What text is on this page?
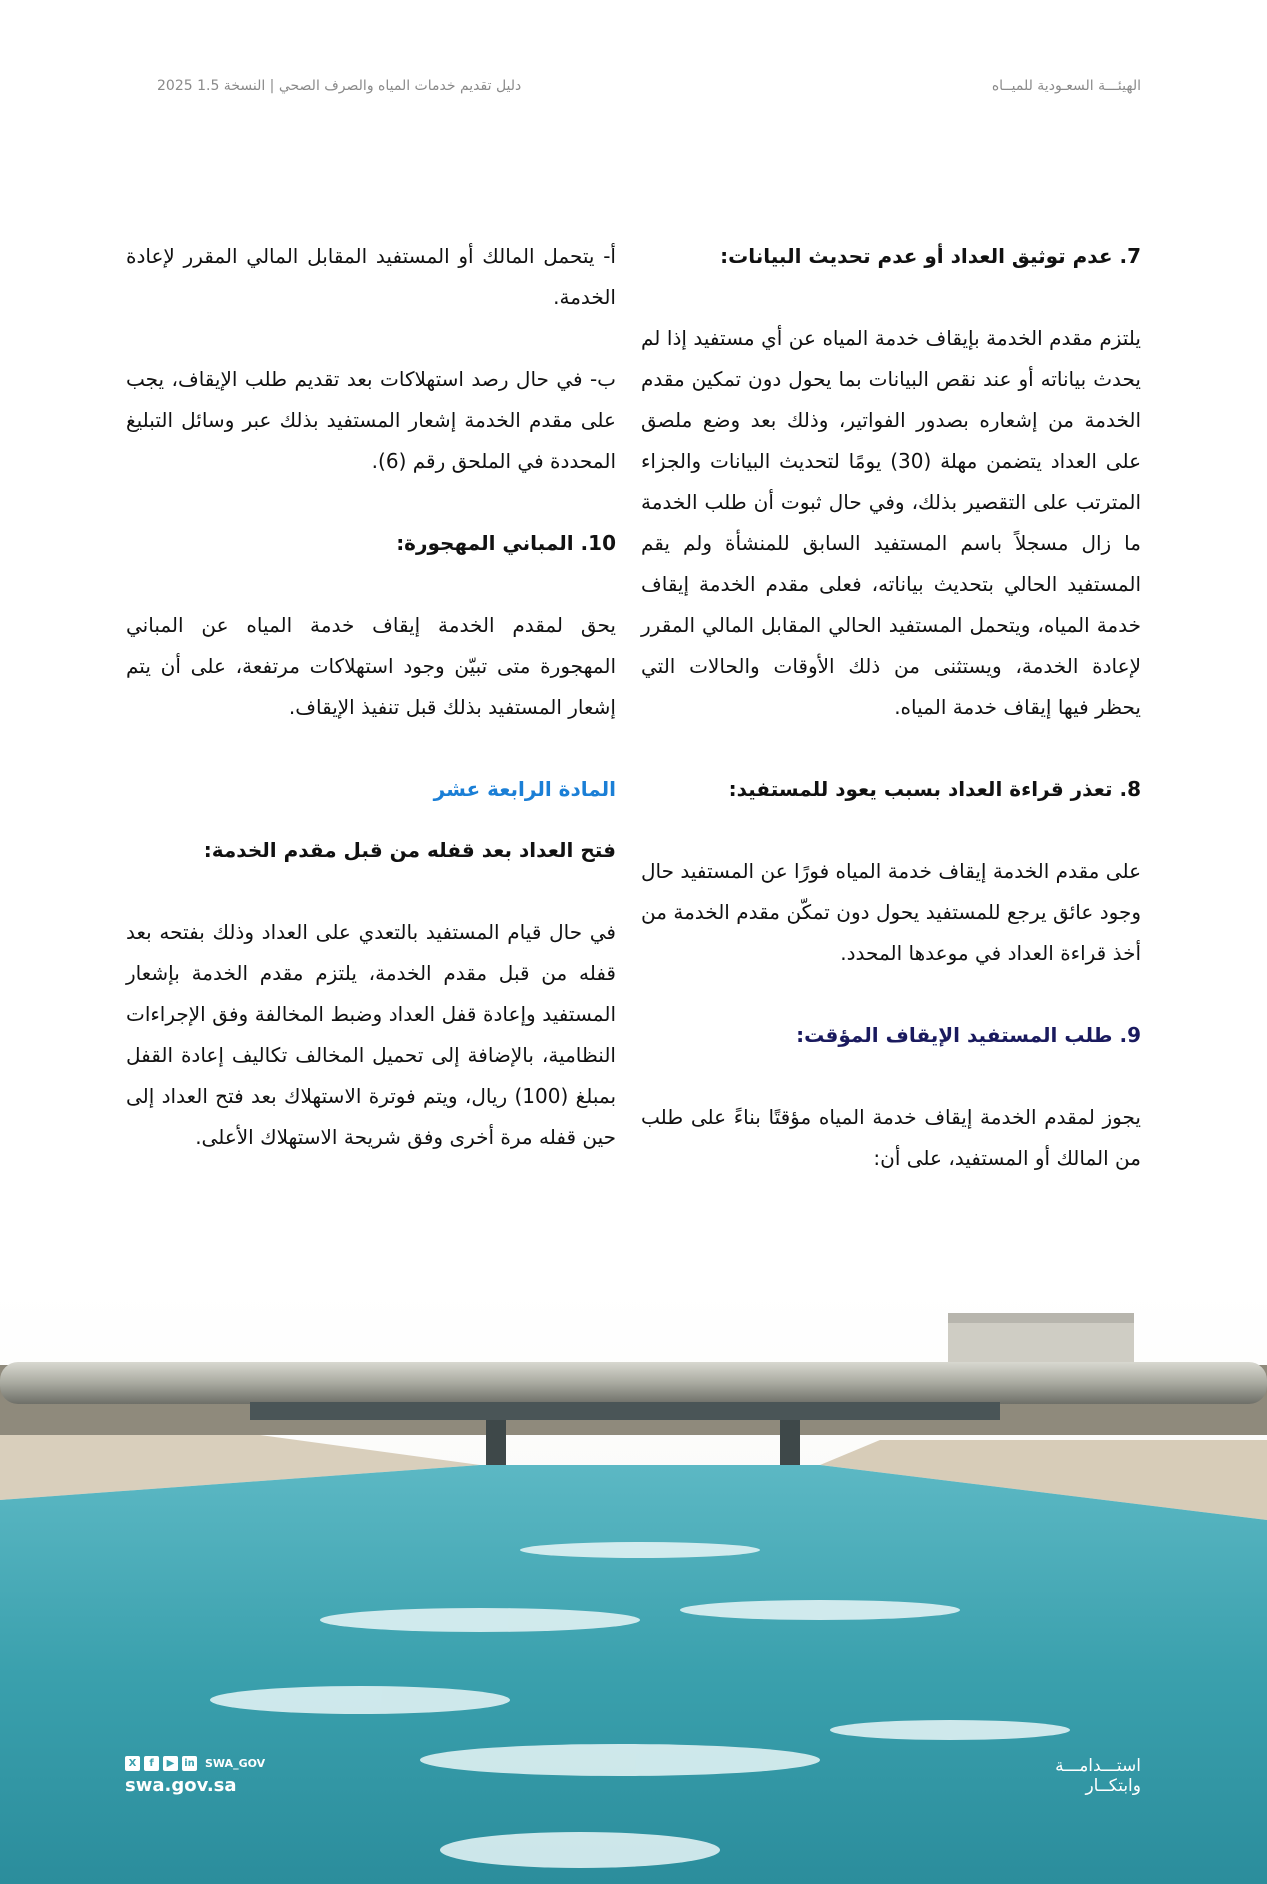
الهيئـــة السعـودية للميــاه
دليل تقديم خدمات المياه والصرف الصحي | النسخة 1.5 2025
7. عدم توثيق العداد أو عدم تحديث البيانات:

يلتزم مقدم الخدمة بإيقاف خدمة المياه عن أي مستفيد إذا لم يحدث بياناته أو عند نقص البيانات بما يحول دون تمكين مقدم الخدمة من إشعاره بصدور الفواتير، وذلك بعد وضع ملصق على العداد يتضمن مهلة (30) يومًا لتحديث البيانات والجزاء المترتب على التقصير بذلك، وفي حال ثبوت أن طلب الخدمة ما زال مسجلاً باسم المستفيد السابق للمنشأة ولم يقم المستفيد الحالي بتحديث بياناته، فعلى مقدم الخدمة إيقاف خدمة المياه، ويتحمل المستفيد الحالي المقابل المالي المقرر لإعادة الخدمة، ويستثنى من ذلك الأوقات والحالات التي يحظر فيها إيقاف خدمة المياه.

8. تعذر قراءة العداد بسبب يعود للمستفيد:

على مقدم الخدمة إيقاف خدمة المياه فورًا عن المستفيد حال وجود عائق يرجع للمستفيد يحول دون تمكّن مقدم الخدمة من أخذ قراءة العداد في موعدها المحدد.

9. طلب المستفيد الإيقاف المؤقت:

يجوز لمقدم الخدمة إيقاف خدمة المياه مؤقتًا بناءً على طلب من المالك أو المستفيد، على أن:

أ- يتحمل المالك أو المستفيد المقابل المالي المقرر لإعادة الخدمة.

ب- في حال رصد استهلاكات بعد تقديم طلب الإيقاف، يجب على مقدم الخدمة إشعار المستفيد بذلك عبر وسائل التبليغ المحددة في الملحق رقم (6).

10. المباني المهجورة:

يحق لمقدم الخدمة إيقاف خدمة المياه عن المباني المهجورة متى تبيّن وجود استهلاكات مرتفعة، على أن يتم إشعار المستفيد بذلك قبل تنفيذ الإيقاف.

المادة الرابعة عشر
فتح العداد بعد قفله من قبل مقدم الخدمة:

في حال قيام المستفيد بالتعدي على العداد وذلك بفتحه بعد قفله من قبل مقدم الخدمة، يلتزم مقدم الخدمة بإشعار المستفيد وإعادة قفل العداد وضبط المخالفة وفق الإجراءات النظامية، بالإضافة إلى تحميل المخالف تكاليف إعادة القفل بمبلغ (100) ريال، ويتم فوترة الاستهلاك بعد فتح العداد إلى حين قفله مرة أخرى وفق شريحة الاستهلاك الأعلى.

X	f	▶ in SWA_GOV
swa.gov.sa
استـــدامـــة
وابتكــار
